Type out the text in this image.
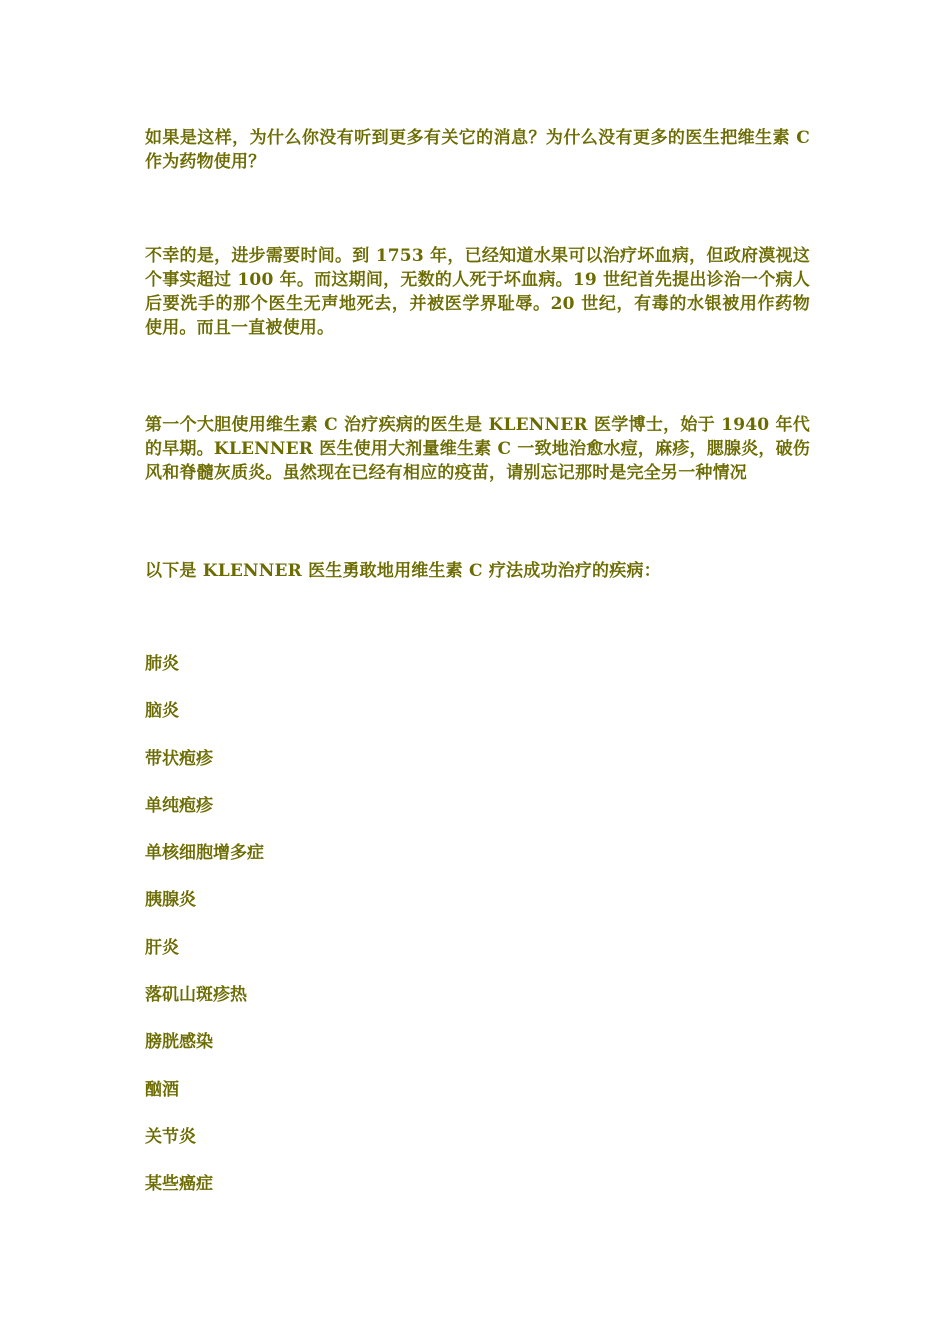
如果是这样，为什么你没有听到更多有关它的消息？为什么没有更多的医生把维生素 C 作为药物使用？

不幸的是，进步需要时间。到 1753 年，已经知道水果可以治疗坏血病，但政府漠视这个事实超过 100 年。而这期间，无数的人死于坏血病。19 世纪首先提出诊治一个病人后要洗手的那个医生无声地死去，并被医学界耻辱。20 世纪，有毒的水银被用作药物使用。而且一直被使用。

第一个大胆使用维生素 C 治疗疾病的医生是 KLENNER 医学博士，始于 1940 年代的早期。KLENNER 医生使用大剂量维生素 C 一致地治愈水痘，麻疹，腮腺炎，破伤风和脊髓灰质炎。虽然现在已经有相应的疫苗，请别忘记那时是完全另一种情况

以下是 KLENNER 医生勇敢地用维生素 C 疗法成功治疗的疾病：

肺炎
脑炎
带状疱疹
单纯疱疹
单核细胞增多症
胰腺炎
肝炎
落矶山斑疹热
膀胱感染
酗酒
关节炎
某些癌症
